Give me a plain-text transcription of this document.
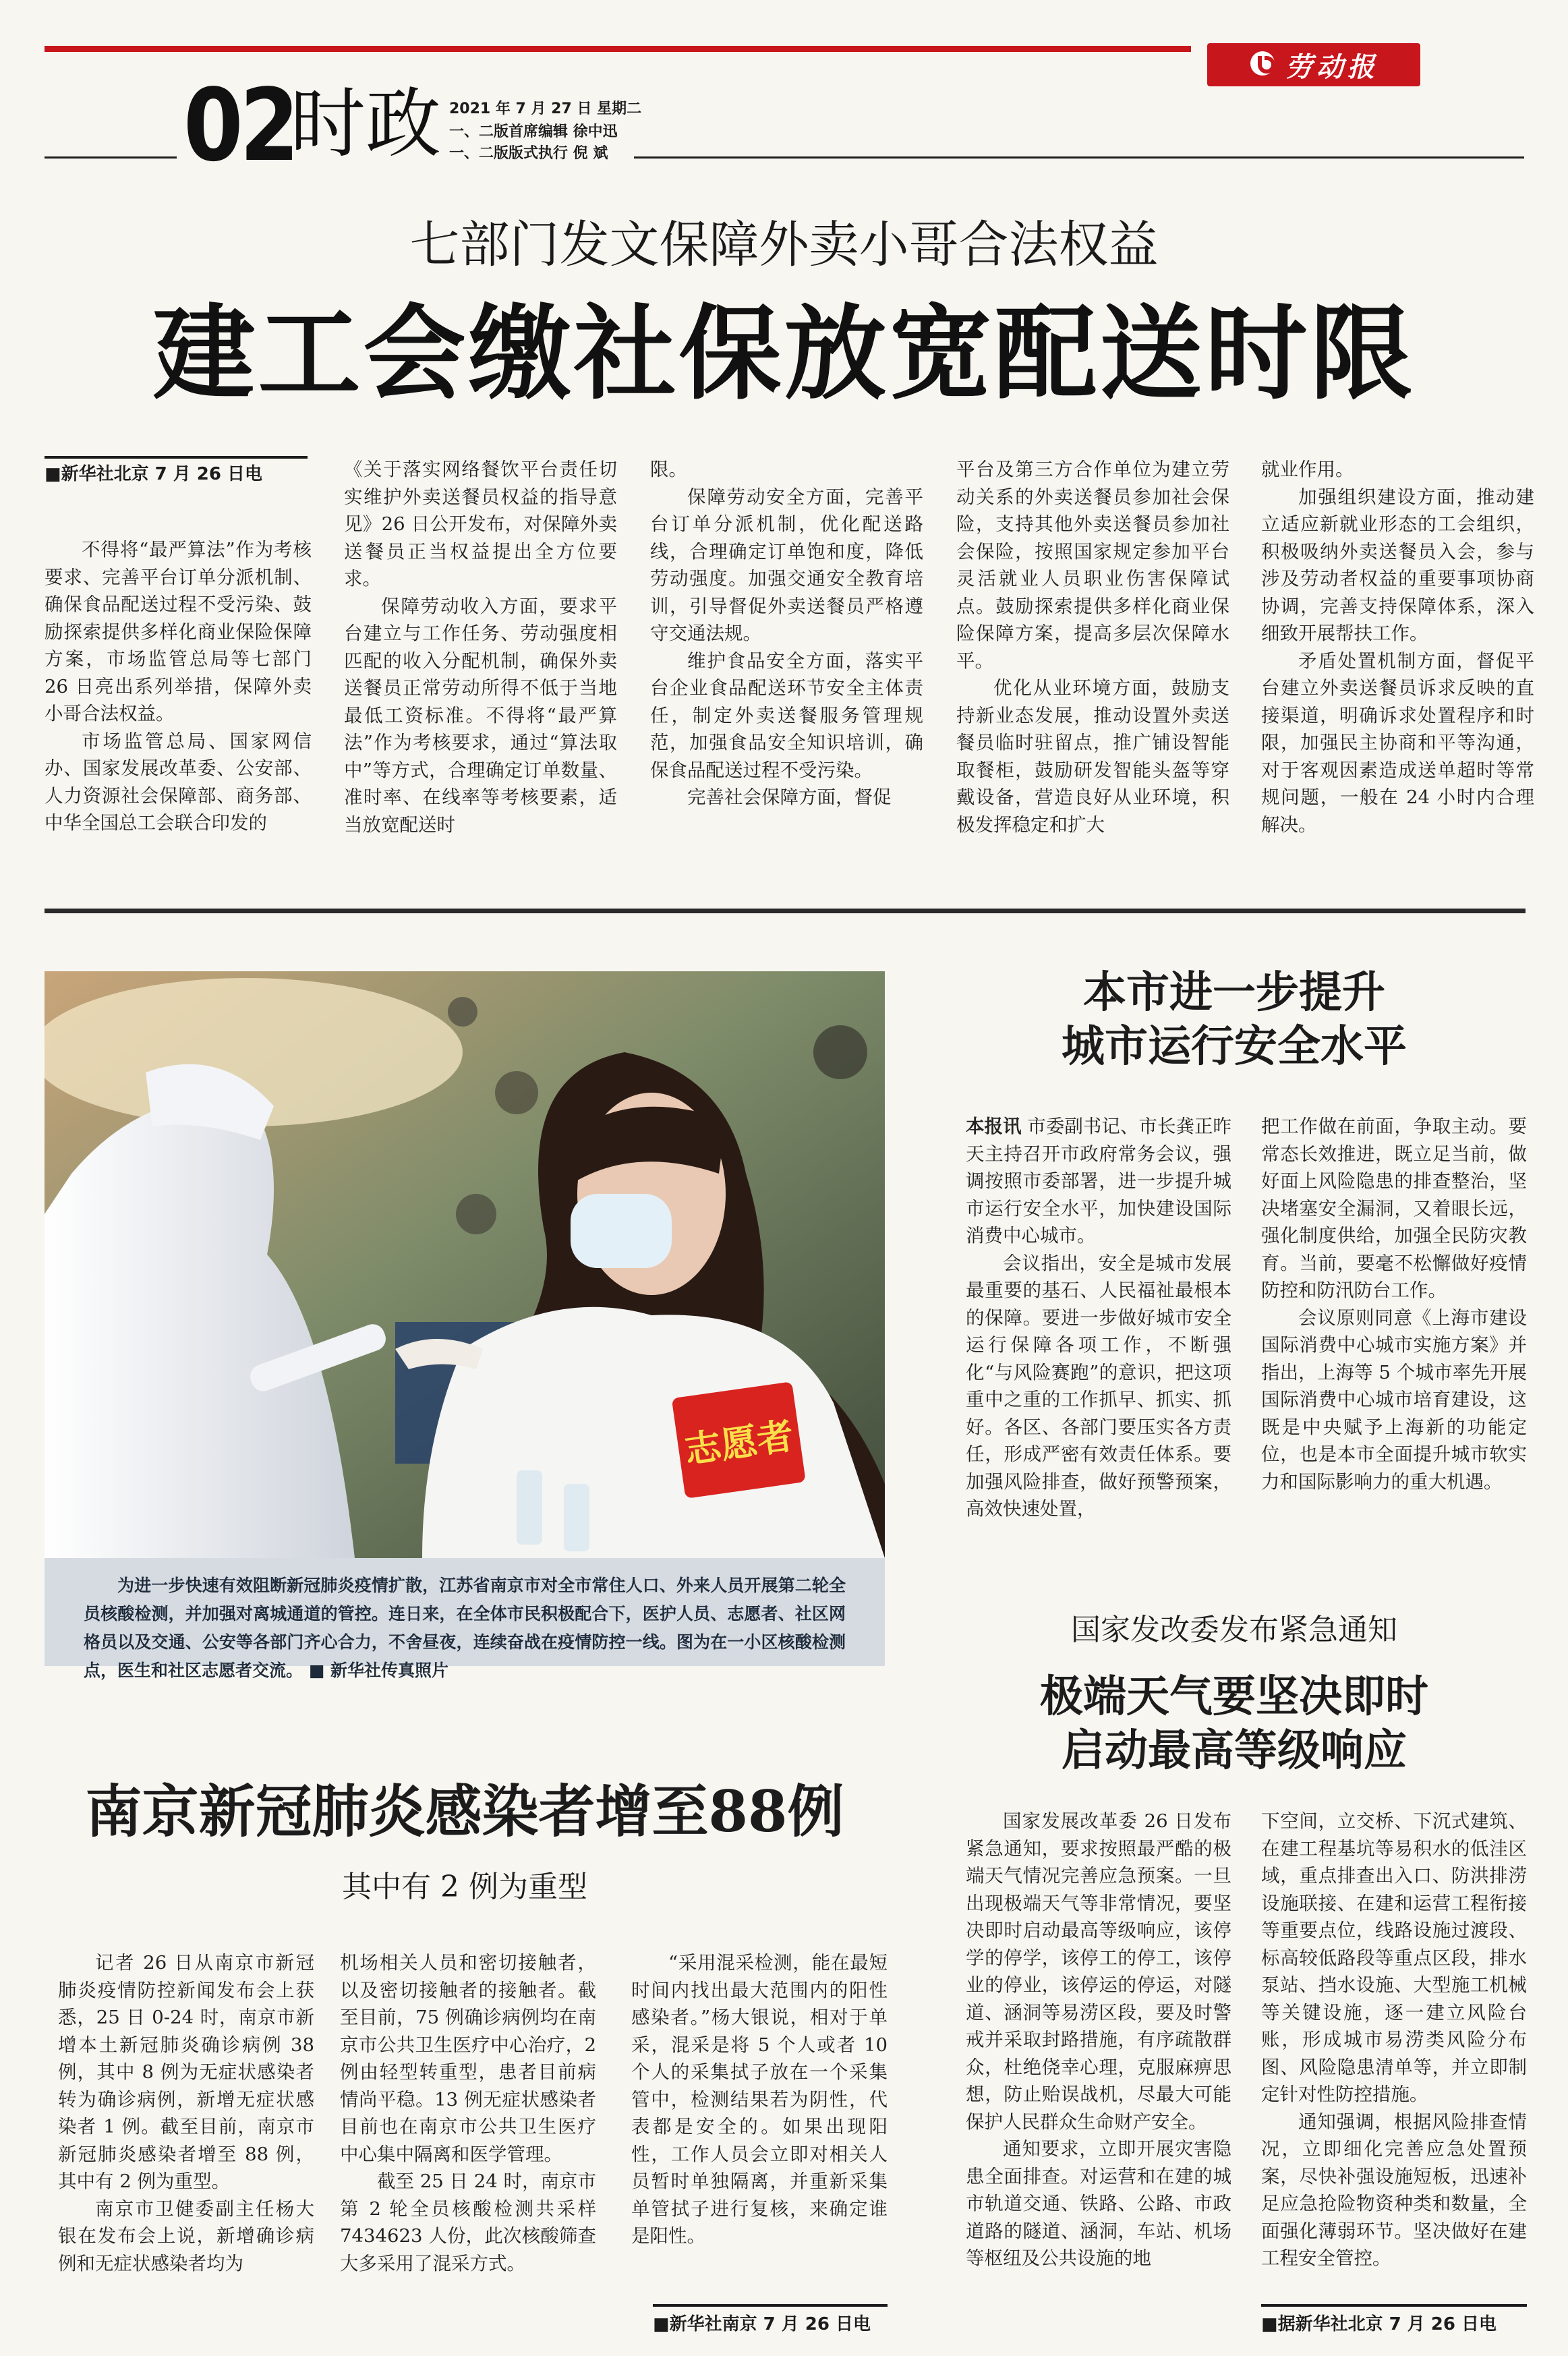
劳动报
02
时政 2021 年 7 月 27 日 星期二
一、二版首席编辑 徐中迅
一、二版版式执行 倪 斌
七部门发文保障外卖小哥合法权益
建工会缴社保放宽配送时限
■新华社北京 7 月 26 日电

不得将“最严算法”作为考核要求、完善平台订单分派机制、确保食品配送过程不受污染、鼓励探索提供多样化商业保险保障方案，市场监管总局等七部门 26 日亮出系列举措，保障外卖小哥合法权益。

市场监管总局、国家网信办、国家发展改革委、公安部、人力资源社会保障部、商务部、中华全国总工会联合印发的

《关于落实网络餐饮平台责任切实维护外卖送餐员权益的指导意见》26 日公开发布，对保障外卖送餐员正当权益提出全方位要求。

保障劳动收入方面，要求平台建立与工作任务、劳动强度相匹配的收入分配机制，确保外卖送餐员正常劳动所得不低于当地最低工资标准。不得将“最严算法”作为考核要求，通过“算法取中”等方式，合理确定订单数量、准时率、在线率等考核要素，适当放宽配送时

限。

保障劳动安全方面，完善平台订单分派机制，优化配送路线，合理确定订单饱和度，降低劳动强度。加强交通安全教育培训，引导督促外卖送餐员严格遵守交通法规。

维护食品安全方面，落实平台企业食品配送环节安全主体责任，制定外卖送餐服务管理规范，加强食品安全知识培训，确保食品配送过程不受污染。

完善社会保障方面，督促

平台及第三方合作单位为建立劳动关系的外卖送餐员参加社会保险，支持其他外卖送餐员参加社会保险，按照国家规定参加平台灵活就业人员职业伤害保障试点。鼓励探索提供多样化商业保险保障方案，提高多层次保障水平。

优化从业环境方面，鼓励支持新业态发展，推动设置外卖送餐员临时驻留点，推广铺设智能取餐柜，鼓励研发智能头盔等穿戴设备，营造良好从业环境，积极发挥稳定和扩大

就业作用。

加强组织建设方面，推动建立适应新就业形态的工会组织，积极吸纳外卖送餐员入会，参与涉及劳动者权益的重要事项协商协调，完善支持保障体系，深入细致开展帮扶工作。

矛盾处置机制方面，督促平台建立外卖送餐员诉求反映的直接渠道，明确诉求处置程序和时限，加强民主协商和平等沟通，对于客观因素造成送单超时等常规问题，一般在 24 小时内合理解决。

志愿者

为进一步快速有效阻断新冠肺炎疫情扩散，江苏省南京市对全市常住人口、外来人员开展第二轮全员核酸检测，并加强对离城通道的管控。连日来，在全体市民积极配合下，医护人员、志愿者、社区网格员以及交通、公安等各部门齐心合力，不舍昼夜，连续奋战在疫情防控一线。图为在一小区核酸检测点，医生和社区志愿者交流。 ■ 新华社传真照片

本市进一步提升
城市运行安全水平

本报讯 市委副书记、市长龚正昨天主持召开市政府常务会议，强调按照市委部署，进一步提升城市运行安全水平，加快建设国际消费中心城市。

会议指出，安全是城市发展最重要的基石、人民福祉最根本的保障。要进一步做好城市安全运行保障各项工作，不断强化“与风险赛跑”的意识，把这项重中之重的工作抓早、抓实、抓好。各区、各部门要压实各方责任，形成严密有效责任体系。要加强风险排查，做好预警预案，高效快速处置，

把工作做在前面，争取主动。要常态长效推进，既立足当前，做好面上风险隐患的排查整治，坚决堵塞安全漏洞，又着眼长远，强化制度供给，加强全民防灾教育。当前，要毫不松懈做好疫情防控和防汛防台工作。

会议原则同意《上海市建设国际消费中心城市实施方案》并指出，上海等 5 个城市率先开展国际消费中心城市培育建设，这既是中央赋予上海新的功能定位，也是本市全面提升城市软实力和国际影响力的重大机遇。

国家发改委发布紧急通知
极端天气要坚决即时
启动最高等级响应

国家发展改革委 26 日发布紧急通知，要求按照最严酷的极端天气情况完善应急预案。一旦出现极端天气等非常情况，要坚决即时启动最高等级响应，该停学的停学，该停工的停工，该停业的停业，该停运的停运，对隧道、涵洞等易涝区段，要及时警戒并采取封路措施，有序疏散群众，杜绝侥幸心理，克服麻痹思想，防止贻误战机，尽最大可能保护人民群众生命财产安全。

通知要求，立即开展灾害隐患全面排查。对运营和在建的城市轨道交通、铁路、公路、市政道路的隧道、涵洞，车站、机场等枢纽及公共设施的地

下空间，立交桥、下沉式建筑、在建工程基坑等易积水的低洼区域，重点排查出入口、防洪排涝设施联接、在建和运营工程衔接等重要点位，线路设施过渡段、标高较低路段等重点区段，排水泵站、挡水设施、大型施工机械等关键设施，逐一建立风险台账，形成城市易涝类风险分布图、风险隐患清单等，并立即制定针对性防控措施。

通知强调，根据风险排查情况，立即细化完善应急处置预案，尽快补强设施短板，迅速补足应急抢险物资种类和数量，全面强化薄弱环节。坚决做好在建工程安全管控。

■据新华社北京 7 月 26 日电
南京新冠肺炎感染者增至88例
其中有 2 例为重型

记者 26 日从南京市新冠肺炎疫情防控新闻发布会上获悉，25 日 0-24 时，南京市新增本土新冠肺炎确诊病例 38 例，其中 8 例为无症状感染者转为确诊病例，新增无症状感染者 1 例。截至目前，南京市新冠肺炎感染者增至 88 例，其中有 2 例为重型。

南京市卫健委副主任杨大银在发布会上说，新增确诊病例和无症状感染者均为

机场相关人员和密切接触者，以及密切接触者的接触者。截至目前，75 例确诊病例均在南京市公共卫生医疗中心治疗，2 例由轻型转重型，患者目前病情尚平稳。13 例无症状感染者目前也在南京市公共卫生医疗中心集中隔离和医学管理。

截至 25 日 24 时，南京市第 2 轮全员核酸检测共采样 7434623 人份，此次核酸筛查大多采用了混采方式。

“采用混采检测，能在最短时间内找出最大范围内的阳性感染者。”杨大银说，相对于单采，混采是将 5 个人或者 10 个人的采集拭子放在一个采集管中，检测结果若为阴性，代表都是安全的。如果出现阳性，工作人员会立即对相关人员暂时单独隔离，并重新采集单管拭子进行复核，来确定谁是阳性。

■新华社南京 7 月 26 日电
